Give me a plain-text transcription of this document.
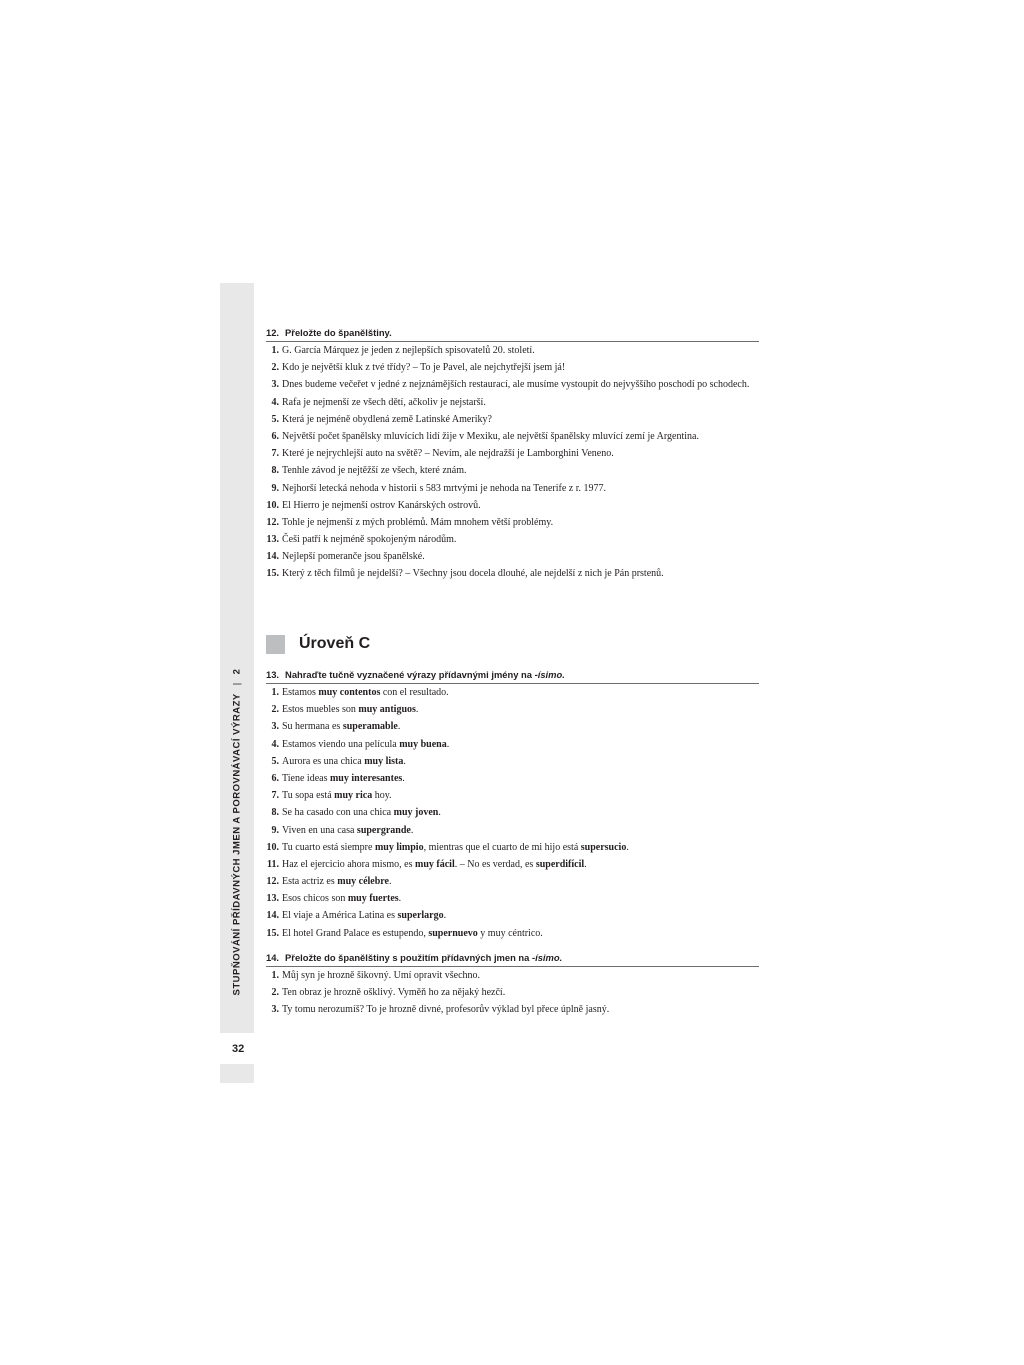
STUPŇOVÁNÍ PŘÍDAVNÝCH JMEN A POROVNÁVACÍ VÝRAZY|2
32
12. Přeložte do španělštiny.
1. G. García Márquez je jeden z nejlepších spisovatelů 20. století.
2. Kdo je největší kluk z tvé třídy? – To je Pavel, ale nejchytřejší jsem já!
3. Dnes budeme večeřet v jedné z nejznámějších restaurací, ale musíme vystoupit do nejvyššího poschodí po schodech.
4. Rafa je nejmenší ze všech dětí, ačkoliv je nejstarší.
5. Která je nejméně obydlená země Latinské Ameriky?
6. Největší počet španělsky mluvících lidí žije v Mexiku, ale největší španělsky mluvící zemí je Argentina.
7. Které je nejrychlejší auto na světě? – Nevím, ale nejdražší je Lamborghini Veneno.
8. Tenhle závod je nejtěžší ze všech, které znám.
9. Nejhorší letecká nehoda v historii s 583 mrtvými je nehoda na Tenerife z r. 1977.
10. El Hierro je nejmenší ostrov Kanárských ostrovů.
12. Tohle je nejmenší z mých problémů. Mám mnohem větší problémy.
13. Češi patří k nejméně spokojeným národům.
14. Nejlepší pomeranče jsou španělské.
15. Který z těch filmů je nejdelší? – Všechny jsou docela dlouhé, ale nejdelší z nich je Pán prstenů.
Úroveň C
13. Nahraďte tučně vyznačené výrazy přídavnými jmény na -ísimo.
1. Estamos muy contentos con el resultado.
2. Estos muebles son muy antiguos.
3. Su hermana es superamable.
4. Estamos viendo una película muy buena.
5. Aurora es una chica muy lista.
6. Tiene ideas muy interesantes.
7. Tu sopa está muy rica hoy.
8. Se ha casado con una chica muy joven.
9. Viven en una casa supergrande.
10. Tu cuarto está siempre muy limpio, mientras que el cuarto de mi hijo está supersucio.
11. Haz el ejercicio ahora mismo, es muy fácil. – No es verdad, es superdifícil.
12. Esta actriz es muy célebre.
13. Esos chicos son muy fuertes.
14. El viaje a América Latina es superlargo.
15. El hotel Grand Palace es estupendo, supernuevo y muy céntrico.
14. Přeložte do španělštiny s použitím přídavných jmen na -ísimo.
1. Můj syn je hrozně šikovný. Umí opravit všechno.
2. Ten obraz je hrozně ošklivý. Vyměň ho za nějaký hezčí.
3. Ty tomu nerozumíš? To je hrozně divné, profesorův výklad byl přece úplně jasný.
